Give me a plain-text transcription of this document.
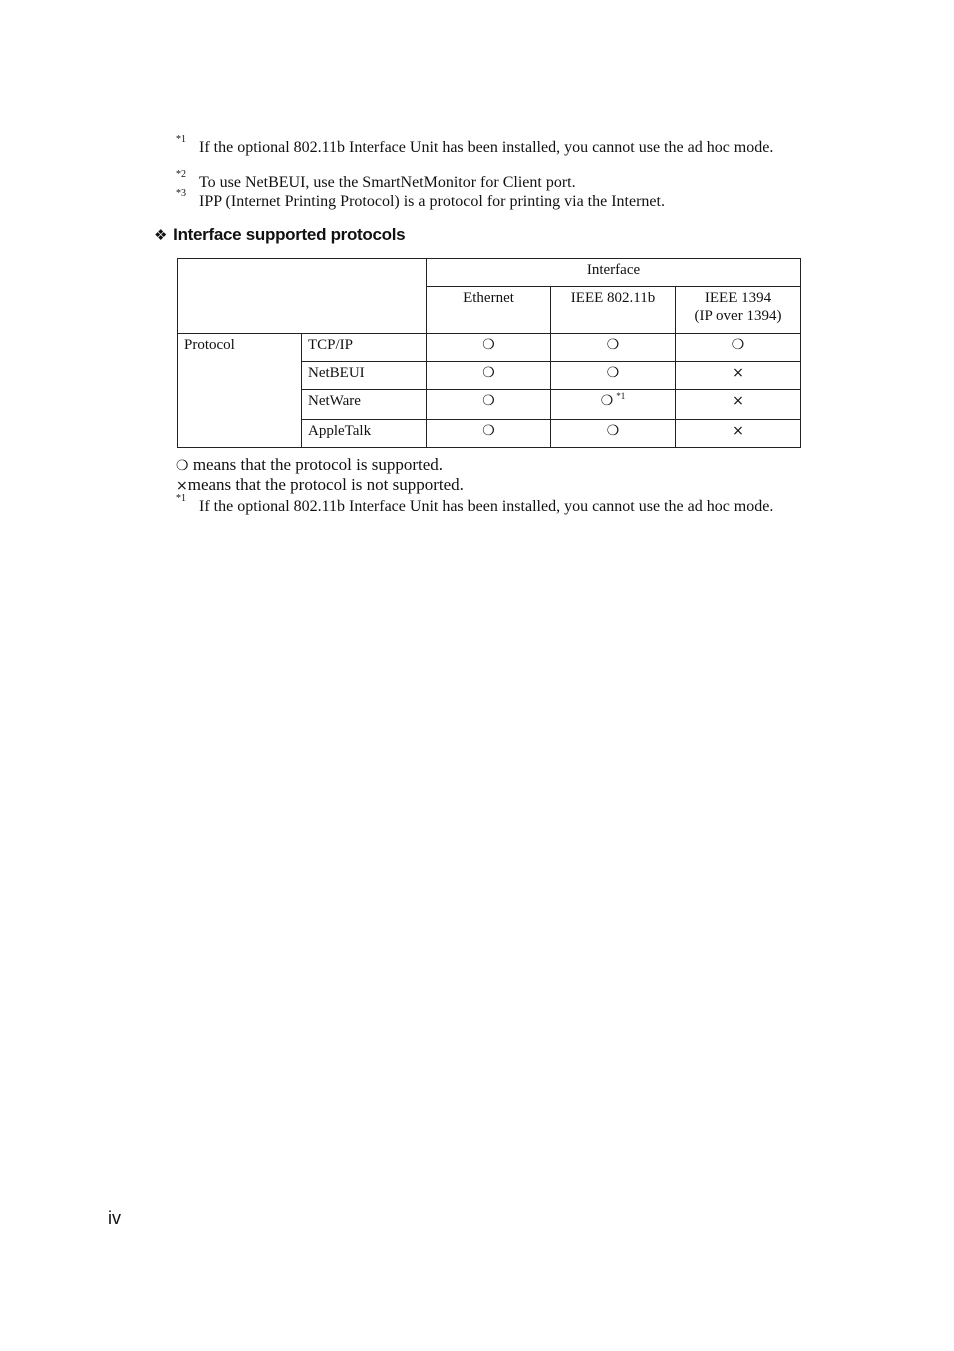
*1 If the optional 802.11b Interface Unit has been installed, you cannot use the ad hoc mode.
*2 To use NetBEUI, use the SmartNetMonitor for Client port.
*3 IPP (Internet Printing Protocol) is a protocol for printing via the Internet.
❖ Interface supported protocols
		Interface		
		Ethernet	IEEE 802.11b	IEEE 1394
(IP over 1394)
Protocol	TCP/IP	❍	❍	❍
	NetBEUI	❍	❍	×
	NetWare	❍	❍ $^{*1}$	×
	AppleTalk	❍	❍	×
❍ means that the protocol is supported.
×means that the protocol is not supported.
*1 If the optional 802.11b Interface Unit has been installed, you cannot use the ad hoc mode.
iv
